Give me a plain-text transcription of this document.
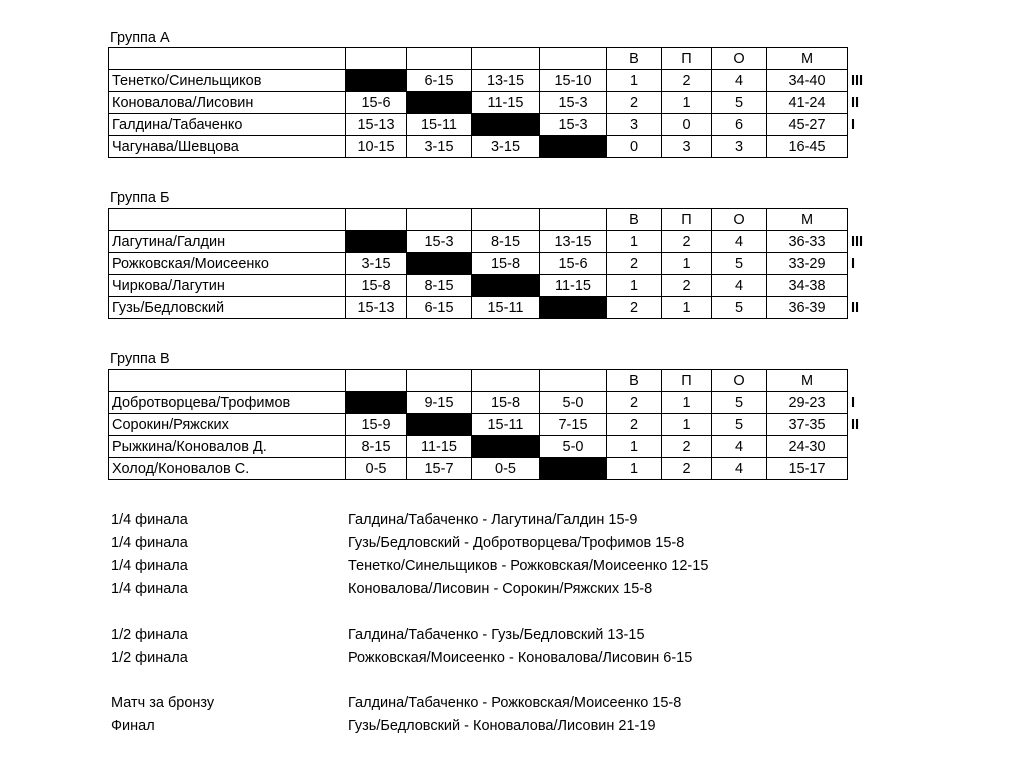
Группа А
					В	П	О	М	
Тенетко/Синельщиков		6-15	13-15	15-10	1	2	4	34-40	III
Коновалова/Лисовин	15-6		11-15	15-3	2	1	5	41-24	II
Галдина/Табаченко	15-13	15-11		15-3	3	0	6	45-27	I
Чагунава/Шевцова	10-15	3-15	3-15		0	3	3	16-45	
Группа Б
					В	П	О	М	
Лагутина/Галдин		15-3	8-15	13-15	1	2	4	36-33	III
Рожковская/Моисеенко	3-15		15-8	15-6	2	1	5	33-29	I
Чиркова/Лагутин	15-8	8-15		11-15	1	2	4	34-38	
Гузь/Бедловский	15-13	6-15	15-11		2	1	5	36-39	II
Группа В
					В	П	О	М	
Добротворцева/Трофимов		9-15	15-8	5-0	2	1	5	29-23	I
Сорокин/Ряжских	15-9		15-11	7-15	2	1	5	37-35	II
Рыжкина/Коновалов Д.	8-15	11-15		5-0	1	2	4	24-30	
Холод/Коновалов С.	0-5	15-7	0-5		1	2	4	15-17	
1/4 финала	Галдина/Табаченко - Лагутина/Галдин 15-9
1/4 финала	Гузь/Бедловский - Добротворцева/Трофимов 15-8
1/4 финала	Тенетко/Синельщиков - Рожковская/Моисеенко 12-15
1/4 финала	Коновалова/Лисовин - Сорокин/Ряжских 15-8
1/2 финала	Галдина/Табаченко - Гузь/Бедловский 13-15
1/2 финала	Рожковская/Моисеенко - Коновалова/Лисовин 6-15
Матч за бронзу	Галдина/Табаченко - Рожковская/Моисеенко 15-8
Финал	Гузь/Бедловский - Коновалова/Лисовин 21-19
